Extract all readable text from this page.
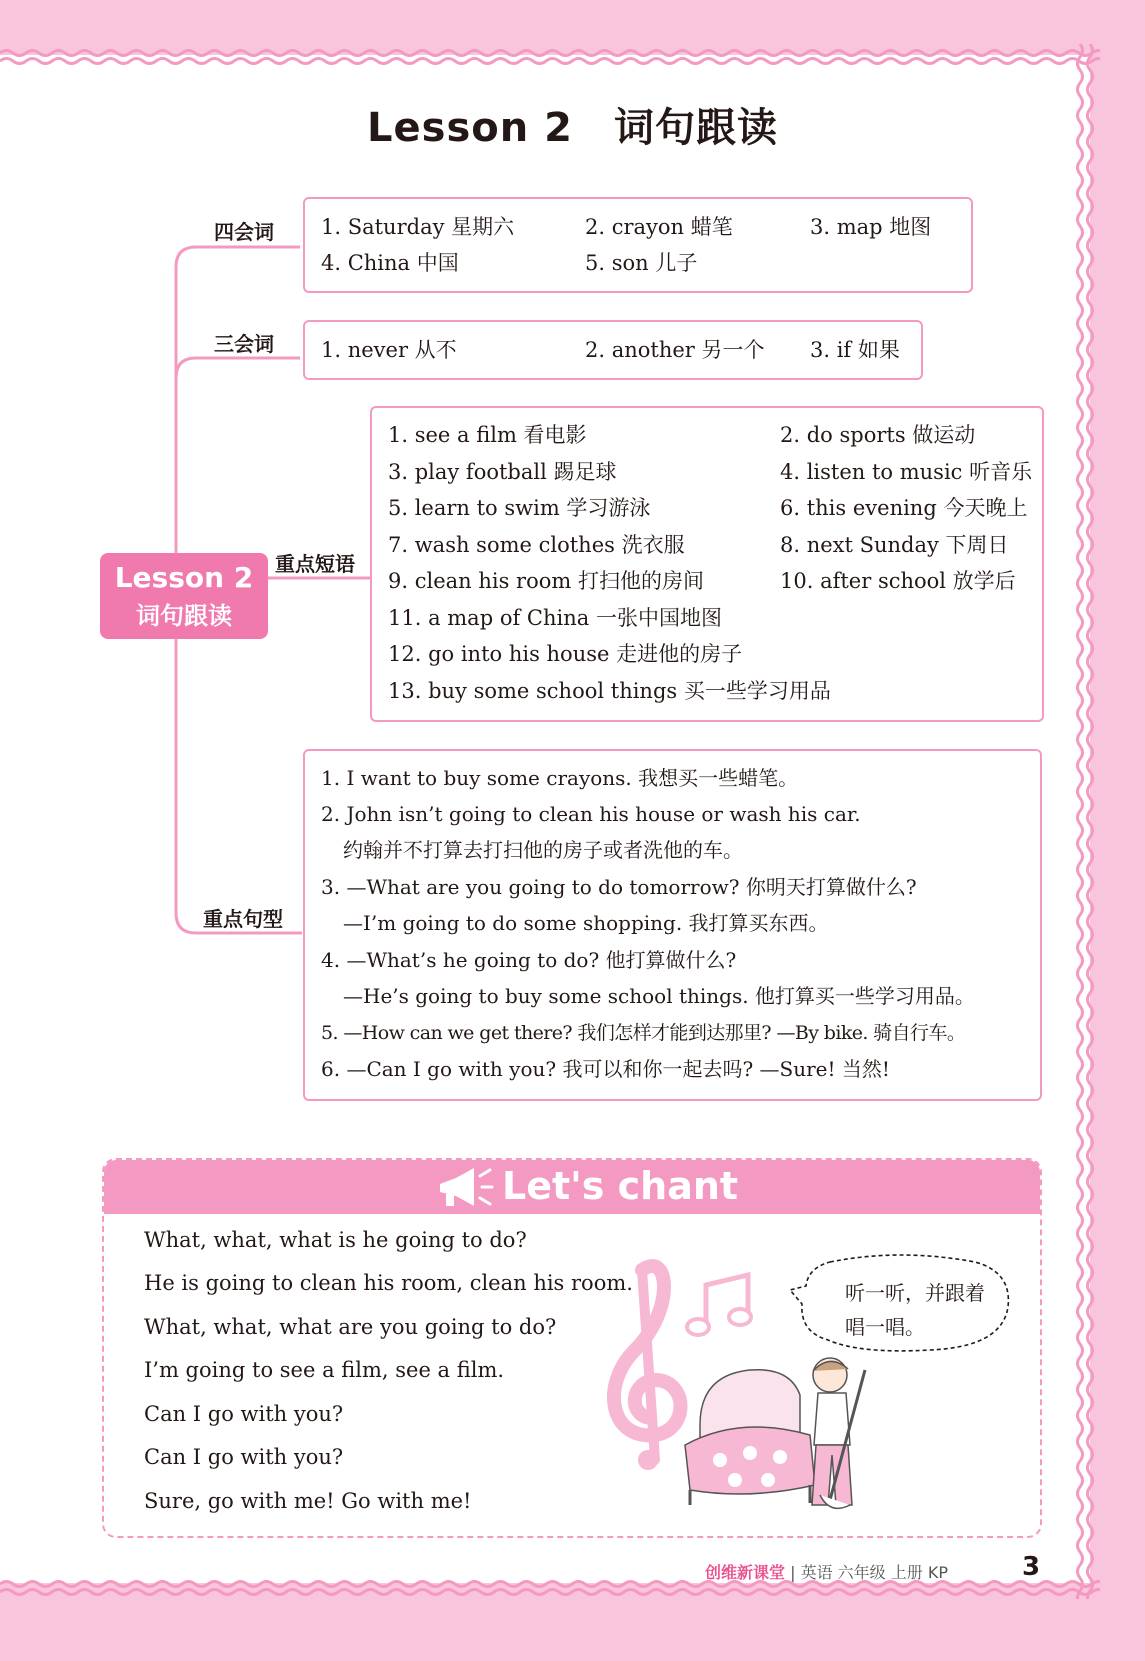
Lesson 2　词句跟读
Lesson 2
词句跟读
四会词
三会词
重点短语
重点句型
1. Saturday 星期六	2. crayon 蜡笔	3. map 地图
4. China 中国	5. son 儿子
1. never 从不	2. another 另一个 3. if 如果
1. see a film 看电影	2. do sports 做运动
3. play football 踢足球	4. listen to music 听音乐
5. learn to swim 学习游泳	6. this evening 今天晚上
7. wash some clothes 洗衣服	8. next Sunday 下周日
9. clean his room 打扫他的房间	10. after school 放学后
11. a map of China 一张中国地图
12. go into his house 走进他的房子
13. buy some school things 买一些学习用品
1. I want to buy some crayons. 我想买一些蜡笔。
2. John isn’t going to clean his house or wash his car.
约翰并不打算去打扫他的房子或者洗他的车。
3. —What are you going to do tomorrow? 你明天打算做什么?
—I’m going to do some shopping. 我打算买东西。
4. —What’s he going to do? 他打算做什么?
—He’s going to buy some school things. 他打算买一些学习用品。
5. —How can we get there? 我们怎样才能到达那里? —By bike. 骑自行车。
6. —Can I go with you? 我可以和你一起去吗? —Sure! 当然!
Let's chant
What, what, what is he going to do?
He is going to clean his room, clean his room.
What, what, what are you going to do?
I’m going to see a film, see a film.
Can I go with you?
Can I go with you?
Sure, go with me! Go with me!
听一听，并跟着
唱一唱。
创维新课堂 | 英语 六年级 上册 KP	3
